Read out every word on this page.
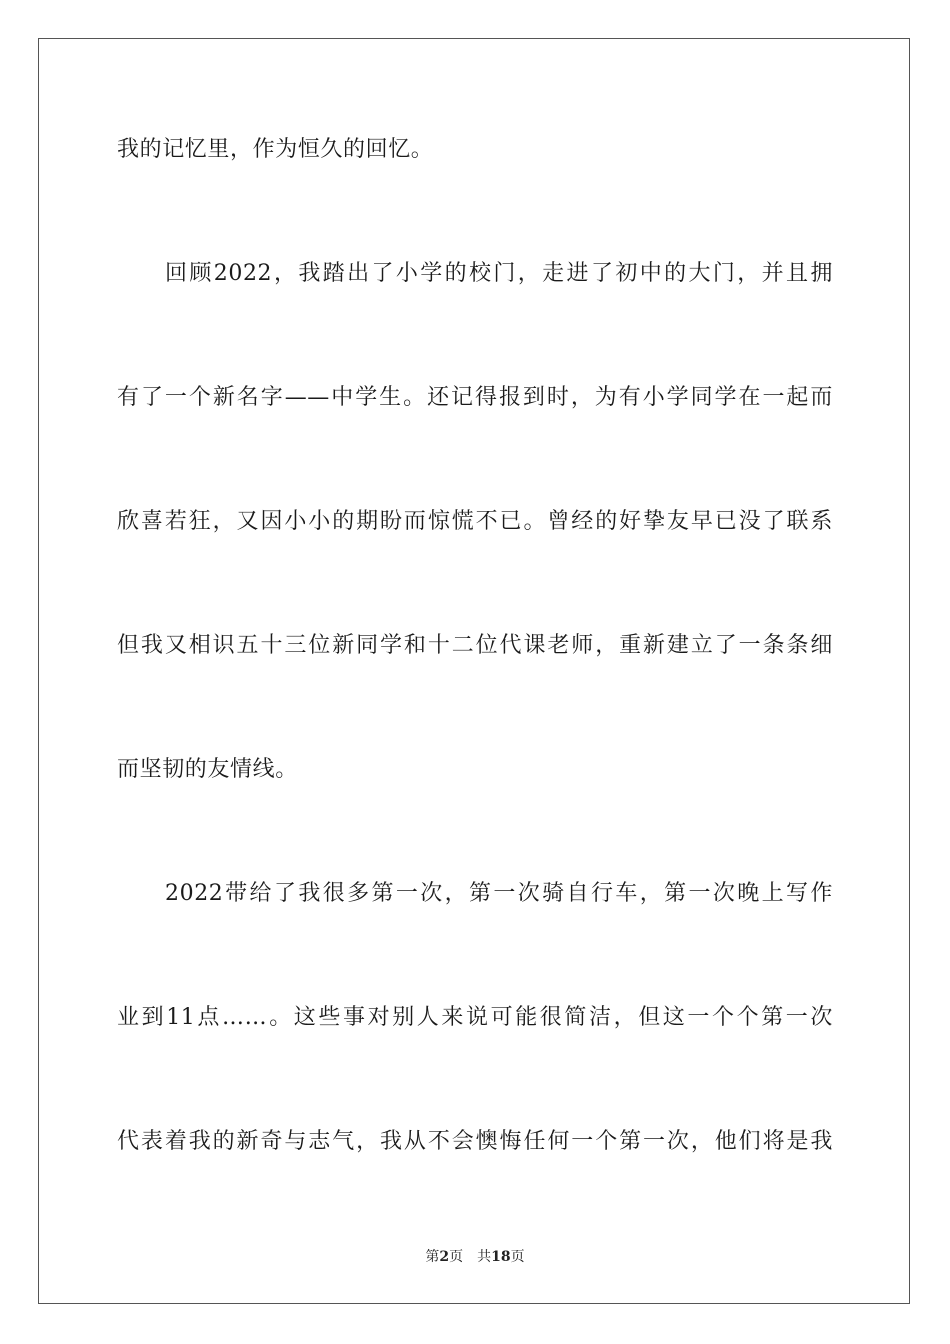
我的记忆里，作为恒久的回忆。
回顾2022，我踏出了小学的校门，走进了初中的大门，并且拥
有了一个新名字——中学生。还记得报到时，为有小学同学在一起而
欣喜若狂，又因小小的期盼而惊慌不已。曾经的好挚友早已没了联系
但我又相识五十三位新同学和十二位代课老师，重新建立了一条条细
而坚韧的友情线。
2022带给了我很多第一次，第一次骑自行车，第一次晚上写作
业到11点……。这些事对别人来说可能很简洁，但这一个个第一次
代表着我的新奇与志气，我从不会懊悔任何一个第一次，他们将是我
第2页 共18页
